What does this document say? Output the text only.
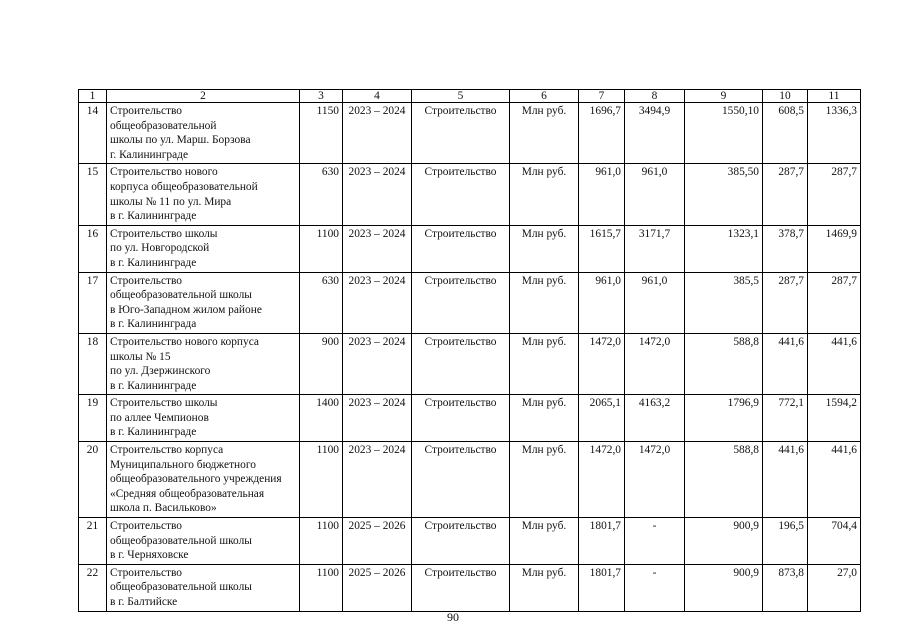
1	2	3	4	5	6	7	8	9	10	11
14	Строительство
общеобразовательной
школы по ул. Марш. Борзова
г. Калининграде	1150	2023 – 2024	Строительство	Млн руб.	1696,7	3494,9	1550,10	608,5	1336,3
15	Строительство нового
корпуса общеобразовательной
школы № 11 по ул. Мира
в г. Калининграде	630	2023 – 2024	Строительство	Млн руб.	961,0	961,0	385,50	287,7	287,7
16	Строительство школы
по ул. Новгородской
в г. Калининграде	1100	2023 – 2024	Строительство	Млн руб.	1615,7	3171,7	1323,1	378,7	1469,9
17	Строительство
общеобразовательной школы
в Юго-Западном жилом районе
в г. Калининграда	630	2023 – 2024	Строительство	Млн руб.	961,0	961,0	385,5	287,7	287,7
18	Строительство нового корпуса
школы № 15
по ул. Дзержинского
в г. Калининграде	900	2023 – 2024	Строительство	Млн руб.	1472,0	1472,0	588,8	441,6	441,6
19	Строительство школы
по аллее Чемпионов
в г. Калининграде	1400	2023 – 2024	Строительство	Млн руб.	2065,1	4163,2	1796,9	772,1	1594,2
20	Строительство корпуса
Муниципального бюджетного
общеобразовательного учреждения
«Средняя общеобразовательная
школа п. Васильково»	1100	2023 – 2024	Строительство	Млн руб.	1472,0	1472,0	588,8	441,6	441,6
21	Строительство
общеобразовательной школы
в г. Черняховске	1100	2025 – 2026	Строительство	Млн руб.	1801,7	-	900,9	196,5	704,4
22	Строительство
общеобразовательной школы
в г. Балтийске	1100	2025 – 2026	Строительство	Млн руб.	1801,7	-	900,9	873,8	27,0
90
